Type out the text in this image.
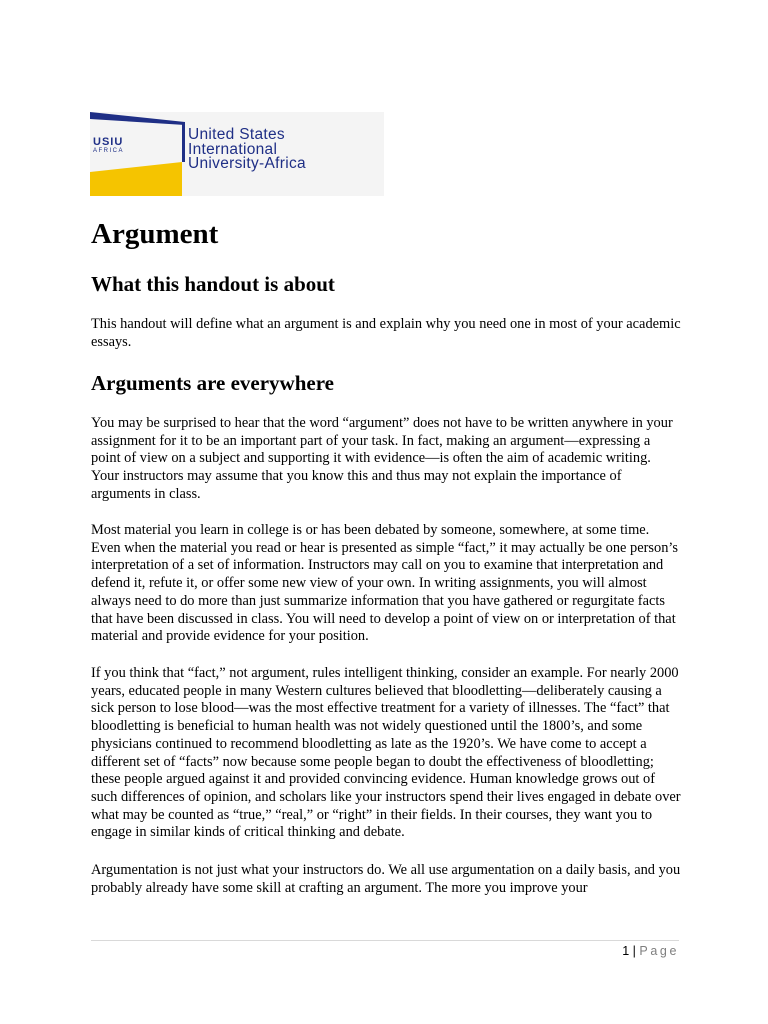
USIU
AFRICA
United States
International
University-Africa
Argument
What this handout is about

This handout will define what an argument is and explain why you need one in most of your academic essays.

Arguments are everywhere

You may be surprised to hear that the word “argument” does not have to be written anywhere in your assignment for it to be an important part of your task. In fact, making an argument—expressing a point of view on a subject and supporting it with evidence—is often the aim of academic writing. Your instructors may assume that you know this and thus may not explain the importance of arguments in class.

Most material you learn in college is or has been debated by someone, somewhere, at some time. Even when the material you read or hear is presented as simple “fact,” it may actually be one person’s interpretation of a set of information. Instructors may call on you to examine that interpretation and defend it, refute it, or offer some new view of your own. In writing assignments, you will almost always need to do more than just summarize information that you have gathered or regurgitate facts that have been discussed in class. You will need to develop a point of view on or interpretation of that material and provide evidence for your position.

If you think that “fact,” not argument, rules intelligent thinking, consider an example. For nearly 2000 years, educated people in many Western cultures believed that bloodletting—deliberately causing a sick person to lose blood—was the most effective treatment for a variety of illnesses. The “fact” that bloodletting is beneficial to human health was not widely questioned until the 1800’s, and some physicians continued to recommend bloodletting as late as the 1920’s. We have come to accept a different set of “facts” now because some people began to doubt the effectiveness of bloodletting; these people argued against it and provided convincing evidence. Human knowledge grows out of such differences of opinion, and scholars like your instructors spend their lives engaged in debate over what may be counted as “true,” “real,” or “right” in their fields. In their courses, they want you to engage in similar kinds of critical thinking and debate.

Argumentation is not just what your instructors do. We all use argumentation on a daily basis, and you probably already have some skill at crafting an argument. The more you improve your

1 | Page
